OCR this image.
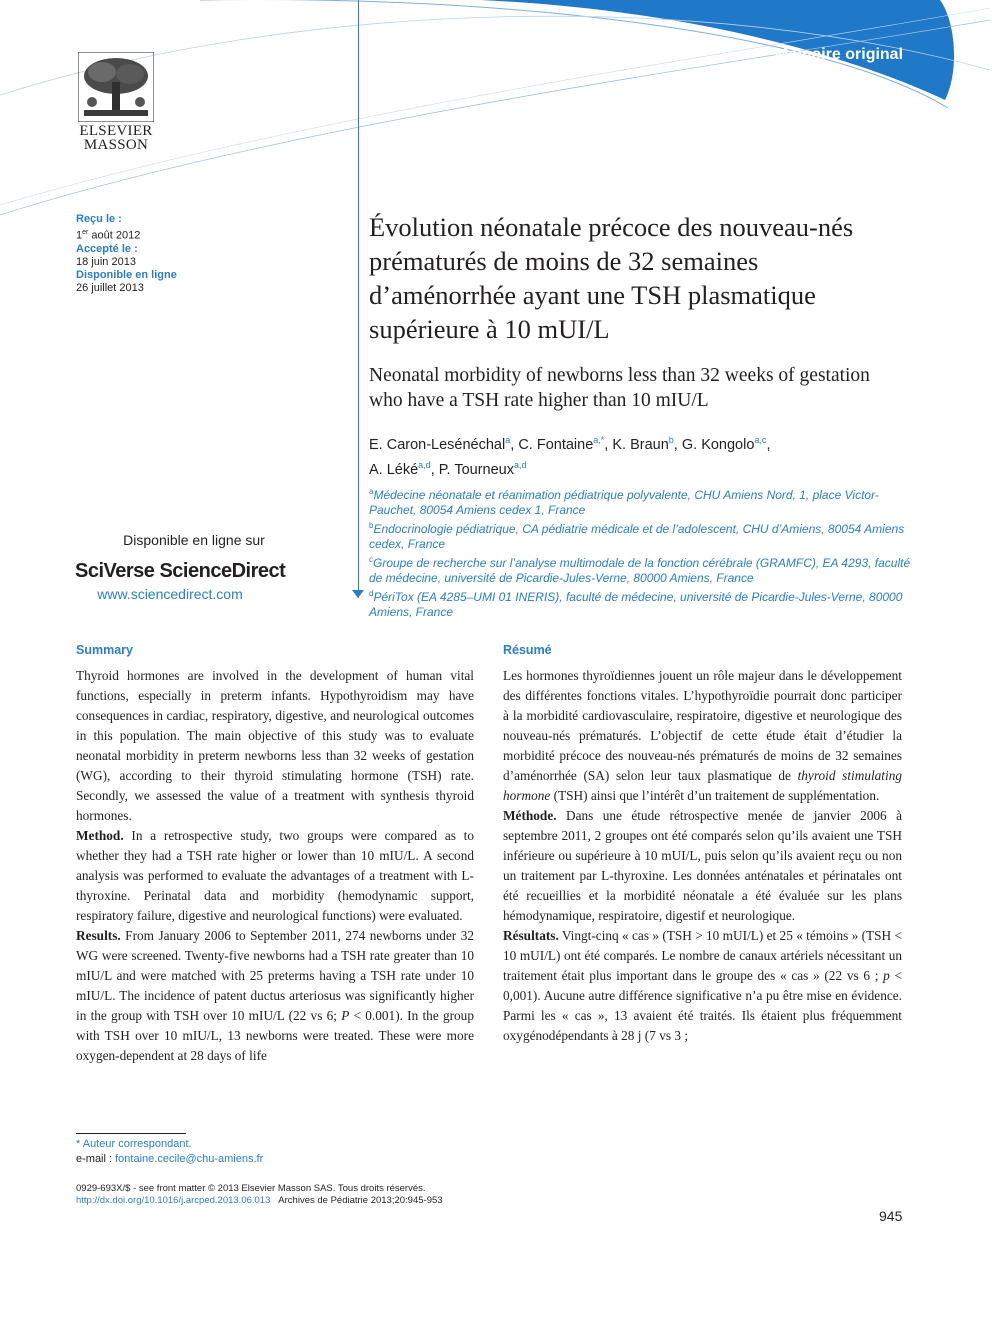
Mémoire original
ELSEVIER
MASSON
Reçu le :
1er août 2012
Accepté le :
18 juin 2013
Disponible en ligne
26 juillet 2013
Évolution néonatale précoce des nouveau-nés prématurés de moins de 32 semaines d’aménorrhée ayant une TSH plasmatique supérieure à 10 mUI/L
Neonatal morbidity of newborns less than 32 weeks of gestation who have a TSH rate higher than 10 mIU/L
E. Caron-Lesénéchal$^a$, C. Fontaine$^{a,*}$, K. Braun$^b$, G. Kongolo$^{a,c}$,
A. Léké$^{a,d}$, P. Tourneux$^{a,d}$

$^a$Médecine néonatale et réanimation pédiatrique polyvalente, CHU Amiens Nord, 1, place Victor-Pauchet, 80054 Amiens cedex 1, France

$^b$Endocrinologie pédiatrique, CA pédiatrie médicale et de l’adolescent, CHU d’Amiens, 80054 Amiens cedex, France

$^c$Groupe de recherche sur l’analyse multimodale de la fonction cérébrale (GRAMFC), EA 4293, faculté de médecine, université de Picardie-Jules-Verne, 80000 Amiens, France

$^d$PériTox (EA 4285–UMI 01 INERIS), faculté de médecine, université de Picardie-Jules-Verne, 80000 Amiens, France

Disponible en ligne sur
SciVerse ScienceDirect
www.sciencedirect.com
Summary

Thyroid hormones are involved in the development of human vital functions, especially in preterm infants. Hypothyroidism may have consequences in cardiac, respiratory, digestive, and neurological outcomes in this population. The main objective of this study was to evaluate neonatal morbidity in preterm newborns less than 32 weeks of gestation (WG), according to their thyroid stimulating hormone (TSH) rate. Secondly, we assessed the value of a treatment with synthesis thyroid hormones.

Method. In a retrospective study, two groups were compared as to whether they had a TSH rate higher or lower than 10 mIU/L. A second analysis was performed to evaluate the advantages of a treatment with L-thyroxine. Perinatal data and morbidity (hemodynamic support, respiratory failure, digestive and neurological functions) were evaluated.

Results. From January 2006 to September 2011, 274 newborns under 32 WG were screened. Twenty-five newborns had a TSH rate greater than 10 mIU/L and were matched with 25 preterms having a TSH rate under 10 mIU/L. The incidence of patent ductus arteriosus was significantly higher in the group with TSH over 10 mIU/L (22 vs 6; P < 0.001). In the group with TSH over 10 mIU/L, 13 newborns were treated. These were more oxygen-dependent at 28 days of life

Résumé

Les hormones thyroïdiennes jouent un rôle majeur dans le développement des différentes fonctions vitales. L’hypothyroïdie pourrait donc participer à la morbidité cardiovasculaire, respiratoire, digestive et neurologique des nouveau-nés prématurés. L’objectif de cette étude était d’étudier la morbidité précoce des nouveau-nés prématurés de moins de 32 semaines d’aménorrhée (SA) selon leur taux plasmatique de thyroid stimulating hormone (TSH) ainsi que l’intérêt d’un traitement de supplémentation.

Méthode. Dans une étude rétrospective menée de janvier 2006 à septembre 2011, 2 groupes ont été comparés selon qu’ils avaient une TSH inférieure ou supérieure à 10 mUI/L, puis selon qu’ils avaient reçu ou non un traitement par L-thyroxine. Les données anténatales et périnatales ont été recueillies et la morbidité néonatale a été évaluée sur les plans hémodynamique, respiratoire, digestif et neurologique.

Résultats. Vingt-cinq « cas » (TSH > 10 mUI/L) et 25 « témoins » (TSH < 10 mUI/L) ont été comparés. Le nombre de canaux artériels nécessitant un traitement était plus important dans le groupe des « cas » (22 vs 6 ; p < 0,001). Aucune autre différence significative n’a pu être mise en évidence. Parmi les « cas », 13 avaient été traités. Ils étaient plus fréquemment oxygénodépendants à 28 j (7 vs 3 ;

* Auteur correspondant.
e-mail : fontaine.cecile@chu-amiens.fr
0929-693X/$ - see front matter © 2013 Elsevier Masson SAS. Tous droits réservés.
http://dx.doi.org/10.1016/j.arcped.2013.06.013 Archives de Pédiatrie 2013;20:945-953
945
